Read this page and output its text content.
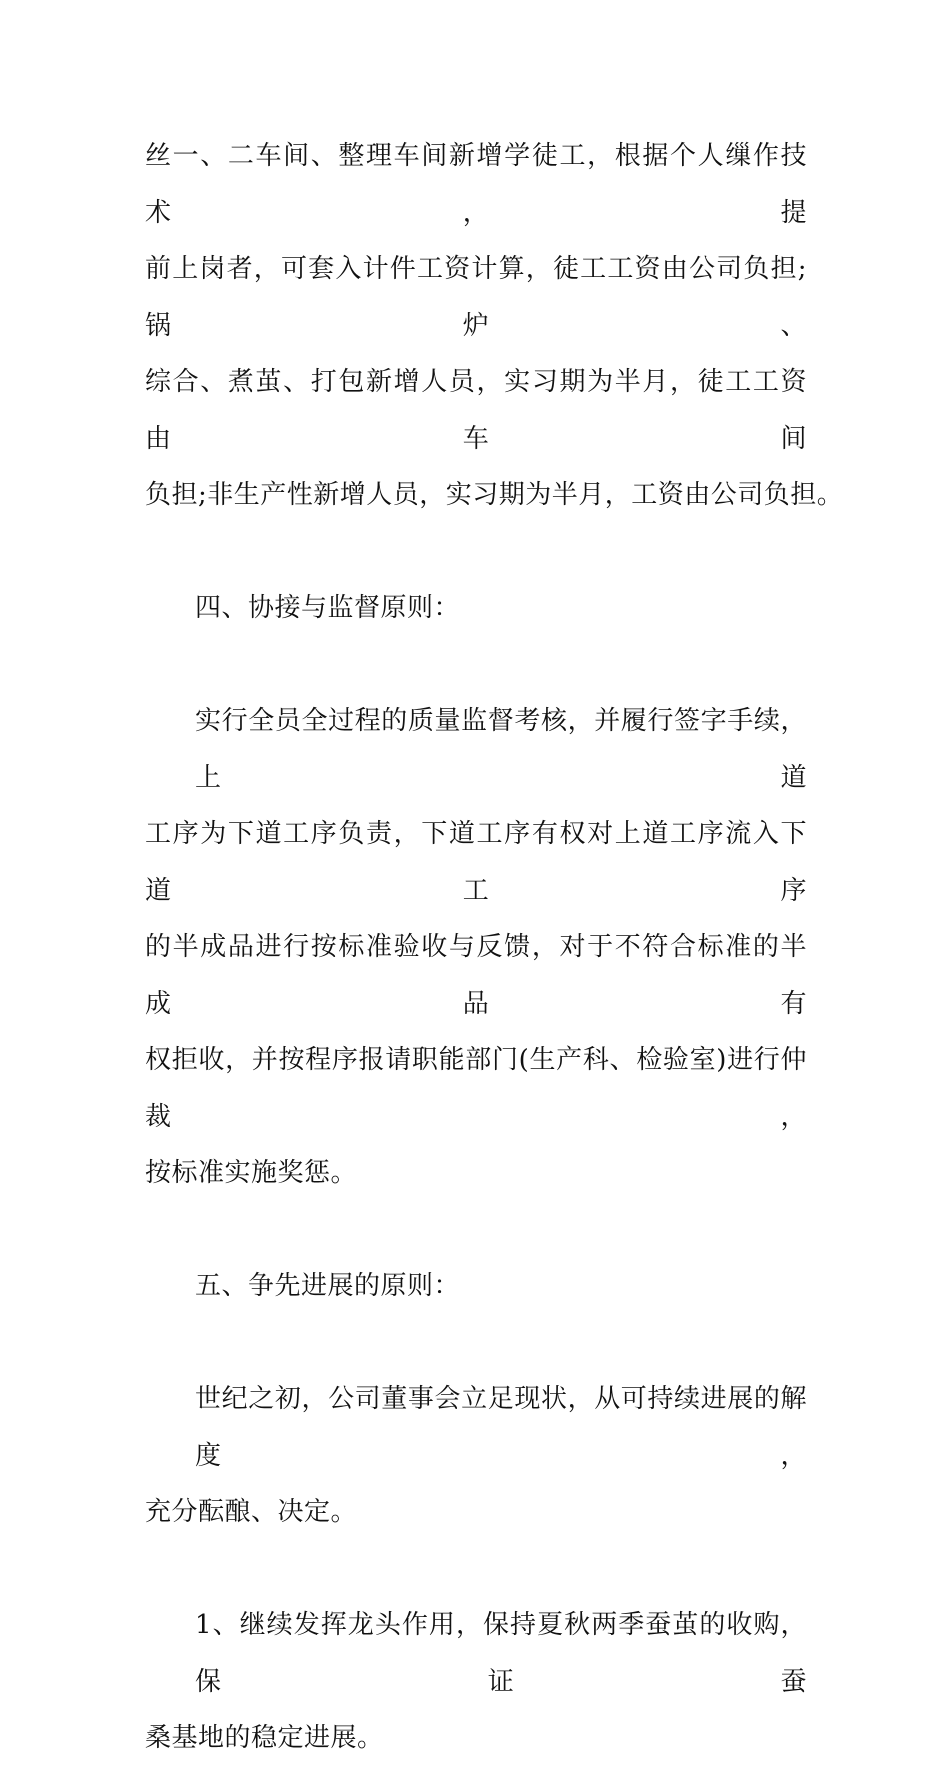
丝一、二车间、整理车间新增学徒工，根据个人缫作技术，提
前上岗者，可套入计件工资计算，徒工工资由公司负担;锅炉、
综合、煮茧、打包新增人员，实习期为半月，徒工工资由车间
负担;非生产性新增人员，实习期为半月，工资由公司负担。
四、协接与监督原则：
实行全员全过程的质量监督考核，并履行签字手续，上道
工序为下道工序负责，下道工序有权对上道工序流入下道工序
的半成品进行按标准验收与反馈，对于不符合标准的半成品有
权拒收，并按程序报请职能部门(生产科、检验室)进行仲裁，
按标准实施奖惩。
五、争先进展的原则：
世纪之初，公司董事会立足现状，从可持续进展的解度，
充分酝酿、决定。
1、继续发挥龙头作用，保持夏秋两季蚕茧的收购，保证蚕
桑基地的稳定进展。
